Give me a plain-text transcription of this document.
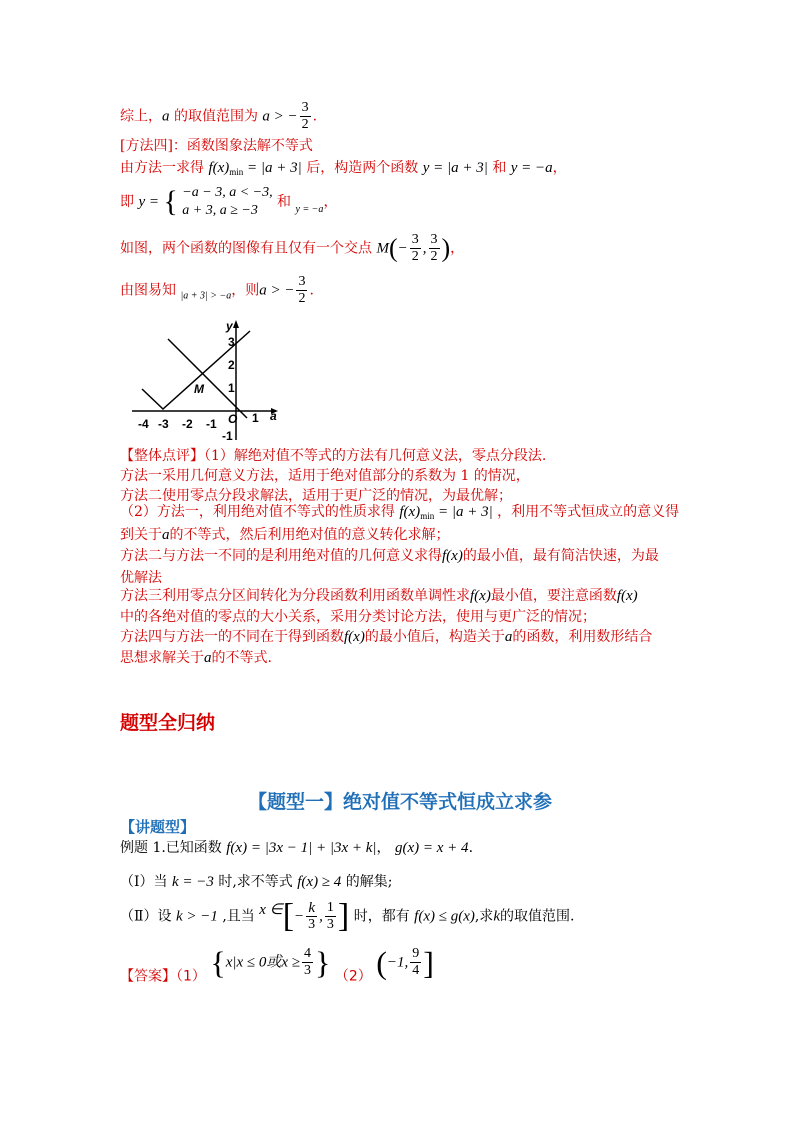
综上，a 的取值范围为 a > − $\frac{3}{2}$ .
[方法四]：函数图象法解不等式
由方法一求得 $f(x)_{min} = |a + 3|$ 后，构造两个函数 y = |a + 3| 和 y = −a，
即 y = { −a − 3, a < −3,
a + 3, a ≥ −3
和 $_{y = -a}$，
如图，两个函数的图像有且仅有一个交点 $M(- \frac{3}{2}$ , $\frac{3}{2}$ )，
由图易知 $_{|a + 3| > -a}$，则a > − $\frac{3}{2}$ .
-4 -3 -2 -1 O 1 a
y
3
2
1
-1
M
【整体点评】（1）解绝对值不等式的方法有几何意义法，零点分段法.
方法一采用几何意义方法，适用于绝对值部分的系数为 1 的情况，
方法二使用零点分段求解法，适用于更广泛的情况，为最优解；
（2）方法一，利用绝对值不等式的性质求得 $f(x)_{min} = |a + 3|$ ，利用不等式恒成立的意义得
到关于a的不等式，然后利用绝对值的意义转化求解；
方法二与方法一不同的是利用绝对值的几何意义求得f(x)的最小值，最有简洁快速，为最
优解法
方法三利用零点分区间转化为分段函数利用函数单调性求f(x)最小值，要注意函数f(x)
中的各绝对值的零点的大小关系，采用分类讨论方法，使用与更广泛的情况；
方法四与方法一的不同在于得到函数f(x)的最小值后，构造关于a的函数，利用数形结合
思想求解关于a的不等式.
题型全归纳
【题型一】绝对值不等式恒成立求参
【讲题型】
例题 1.已知函数 f(x) = |3x − 1| + |3x + k|， g(x) = x + 4.
（Ⅰ）当 k = −3 时,求不等式 f(x) ≥ 4 的解集;
（Ⅱ）设 k > −1 ,且当 x ∈[− $\frac{k}{3}$ , $\frac{1}{3}$ ] 时，都有 f(x) ≤ g(x),求k的取值范围.
【答案】（1） {x|x ≤ 0或$x \ge \frac{4}{3}$ } （2） (−1, $\frac{9}{4}$ ]
